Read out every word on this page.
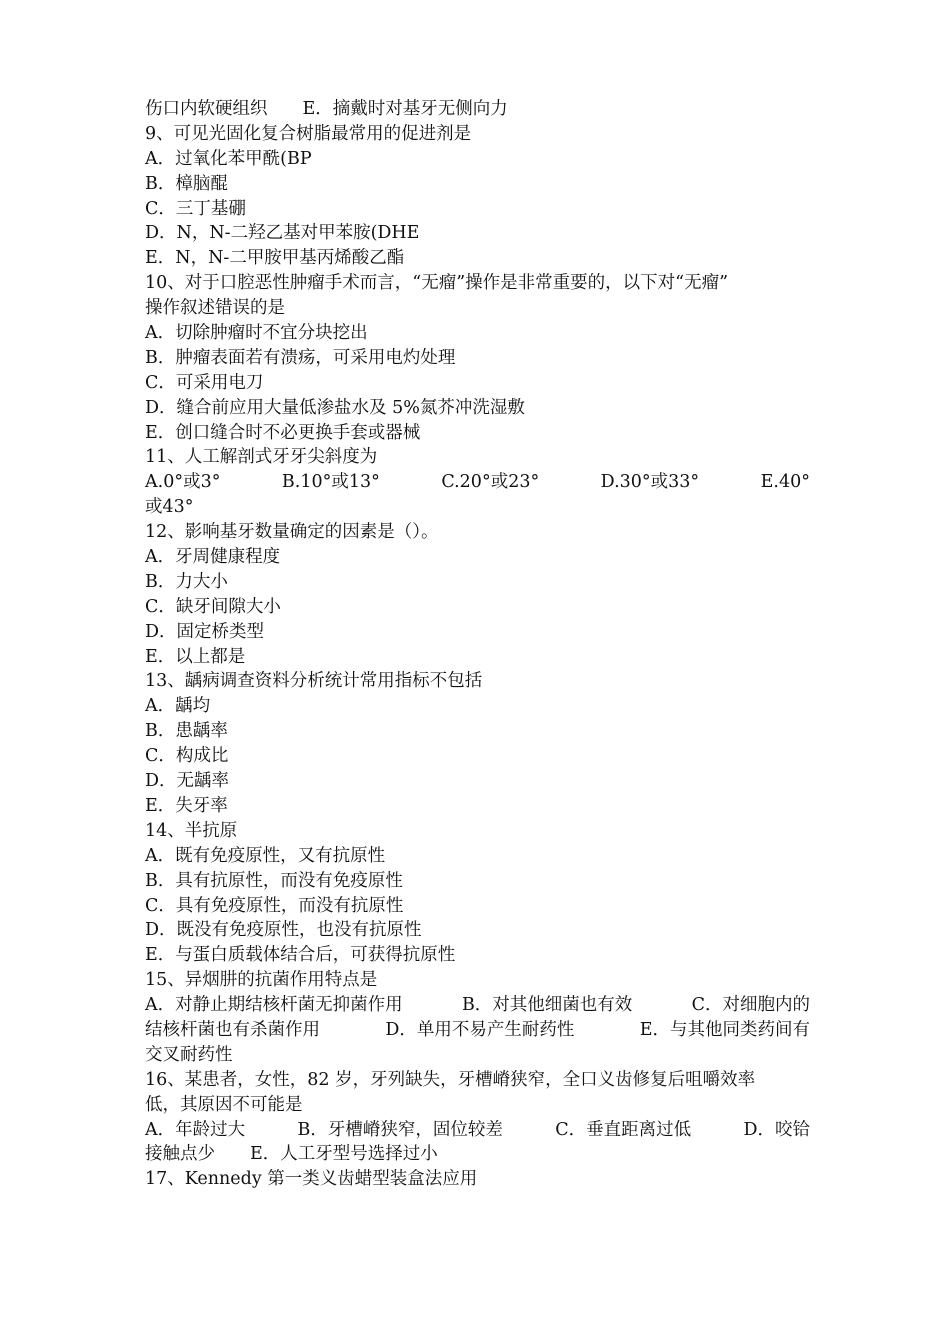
伤口内软硬组织　　E．摘戴时对基牙无侧向力
9、可见光固化复合树脂最常用的促进剂是
A．过氧化苯甲酰(BP
B．樟脑醌
C．三丁基硼
D．N，N-二羟乙基对甲苯胺(DHE
E．N，N-二甲胺甲基丙烯酸乙酯
10、对于口腔恶性肿瘤手术而言，“无瘤”操作是非常重要的，以下对“无瘤”
操作叙述错误的是
A．切除肿瘤时不宜分块挖出
B．肿瘤表面若有溃疡，可采用电灼处理
C．可采用电刀
D．缝合前应用大量低渗盐水及 5%氮芥冲洗湿敷
E．创口缝合时不必更换手套或器械
11、人工解剖式牙牙尖斜度为
A.0°或3°	B.10°或13°	C.20°或23°	D.30°或33°	E.40°
或43°
12、影响基牙数量确定的因素是（）。
A．牙周健康程度
B．力大小
C．缺牙间隙大小
D．固定桥类型
E．以上都是
13、龋病调查资料分析统计常用指标不包括
A．龋均
B．患龋率
C．构成比
D．无龋率
E．失牙率
14、半抗原
A．既有免疫原性，又有抗原性
B．具有抗原性，而没有免疫原性
C．具有免疫原性，而没有抗原性
D．既没有免疫原性，也没有抗原性
E．与蛋白质载体结合后，可获得抗原性
15、异烟肼的抗菌作用特点是
A．对静止期结核杆菌无抑菌作用	B．对其他细菌也有效	C．对细胞内的
结核杆菌也有杀菌作用	D．单用不易产生耐药性	E．与其他同类药间有
交叉耐药性
16、某患者，女性，82 岁，牙列缺失，牙槽嵴狭窄，全口义齿修复后咀嚼效率
低，其原因不可能是
A．年龄过大	B．牙槽嵴狭窄，固位较差	C．垂直距离过低	D．咬铪
接触点少　　E．人工牙型号选择过小
17、Kennedy 第一类义齿蜡型装盒法应用
